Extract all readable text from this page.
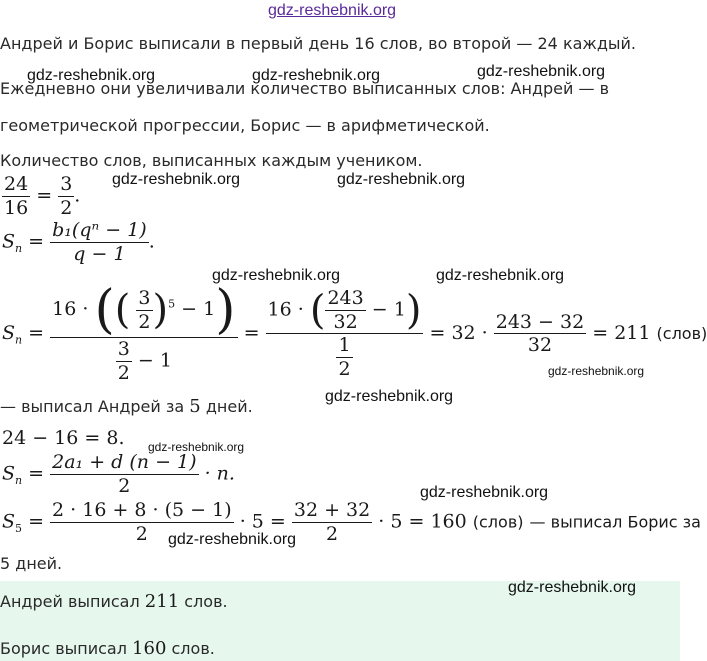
gdz-reshebnik.org
Андрей и Борис выписали в первый день 16 слов, во второй — 24 каждый.
Ежедневно они увеличивали количество выписанных слов: Андрей — в
геометрической прогрессии, Борис — в арифметической.
Количество слов, выписанных каждым учеником.
gdz-reshebnik.org	gdz-reshebnik.org	gdz-reshebnik.org
$\frac{24}{16} = \frac{3}{2}$ .
gdz-reshebnik.org	gdz-reshebnik.org
$S_n = \frac{\text{b₁(qⁿ − 1)}}{q - 1}$ .
gdz-reshebnik.org	gdz-reshebnik.org
$S_n = \frac{16 \cdot (( \frac{3}{2} )^5 - 1)}{\frac{3}{2} - 1} = \frac{16 \cdot ( \frac{243}{32} - 1)}{\frac{1}{2}} = 32 \cdot \frac{243 - 32}{32} = 211$ (слов)
gdz-reshebnik.org
— выписал Андрей за 5 дней.
gdz-reshebnik.org
24 − 16 = 8. gdz-reshebnik.org
$S_n = \frac{\text{2a₁ + d (n − 1)}}{2} \cdot n$.
gdz-reshebnik.org
$S_5 = \frac{2 \cdot 16 + 8 \cdot (5 - 1)}{2} \cdot 5 = \frac{32 + 32}{2} \cdot 5 = 160$ (слов) — выписал Борис за
gdz-reshebnik.org
5 дней.
gdz-reshebnik.org
Андрей выписал 211 слов.
Борис выписал 160 слов.
